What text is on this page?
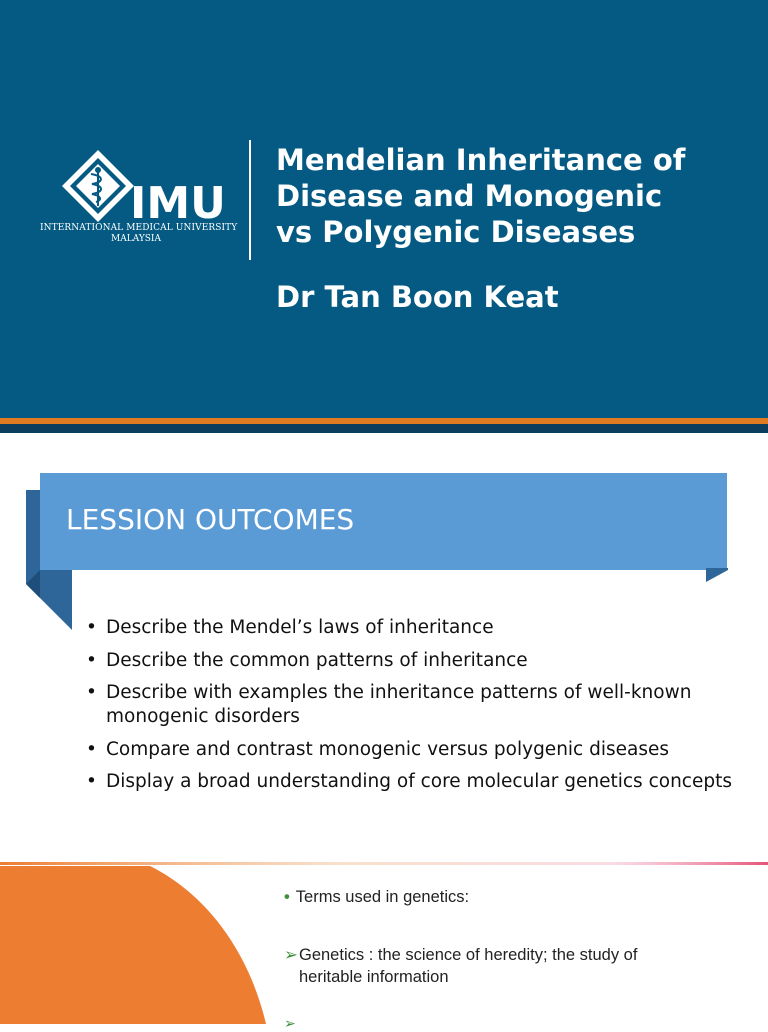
IMU
INTERNATIONAL MEDICAL UNIVERSITY
MALAYSIA
Mendelian Inheritance of
Disease and Monogenic
vs Polygenic Diseases
Dr Tan Boon Keat
LESSION OUTCOMES
• Describe the Mendel’s laws of inheritance
• Describe the common patterns of inheritance
• Describe with examples the inheritance patterns of well-known monogenic disorders
• Compare and contrast monogenic versus polygenic diseases
• Display a broad understanding of core molecular genetics concepts
• Terms used in genetics:
➢ Genetics : the science of heredity; the study of heritable information
➢
